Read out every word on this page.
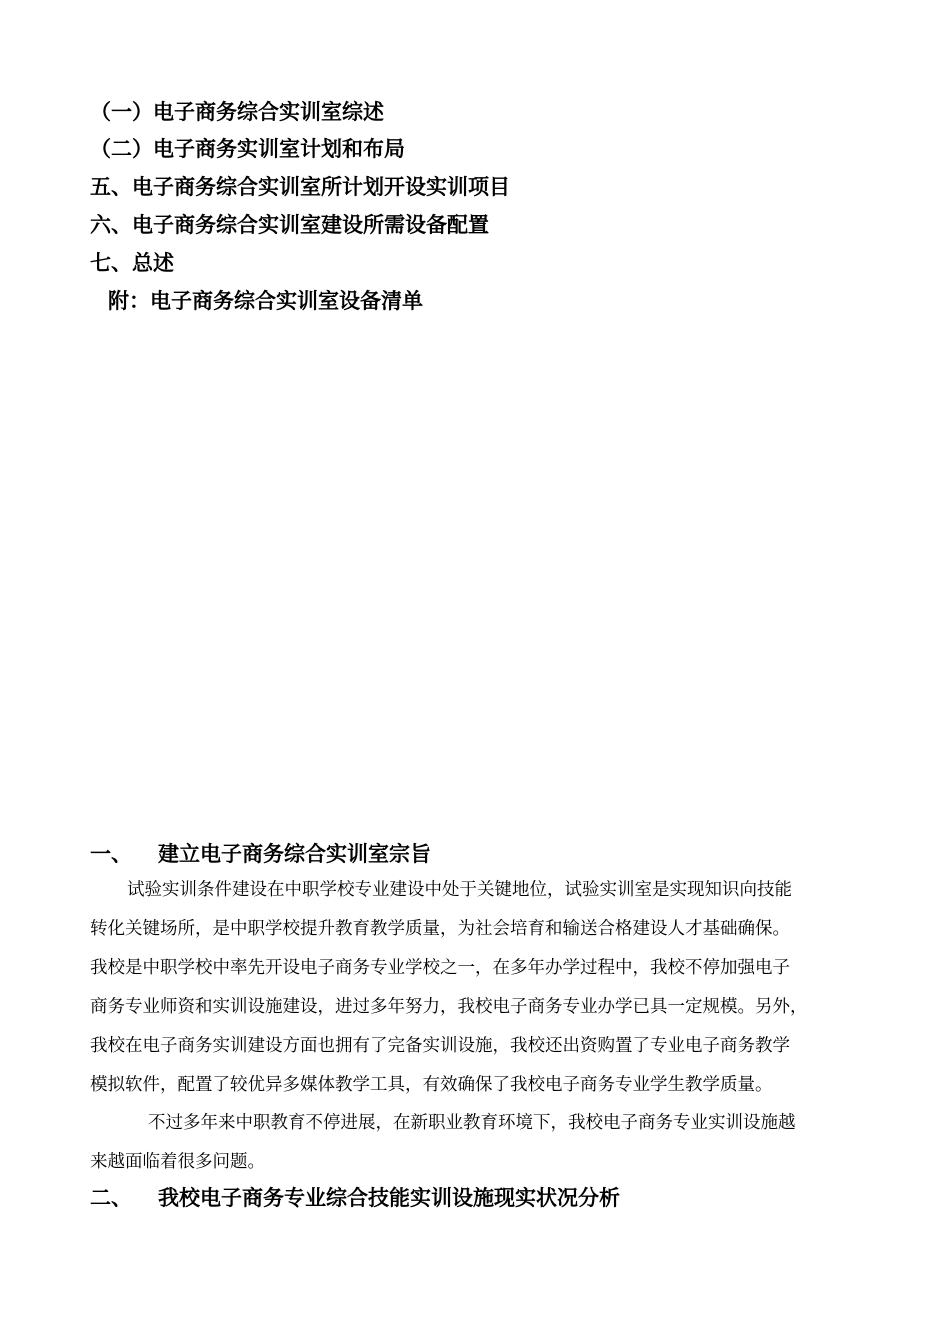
（一）电子商务综合实训室综述

（二）电子商务实训室计划和布局

五、电子商务综合实训室所计划开设实训项目

六、电子商务综合实训室建设所需设备配置

七、总述

附：电子商务综合实训室设备清单

一、 建立电子商务综合实训室宗旨

试验实训条件建设在中职学校专业建设中处于关键地位，试验实训室是实现知识向技能

转化关键场所，是中职学校提升教育教学质量，为社会培育和输送合格建设人才基础确保。

我校是中职学校中率先开设电子商务专业学校之一，在多年办学过程中，我校不停加强电子

商务专业师资和实训设施建设，进过多年努力，我校电子商务专业办学已具一定规模。另外，

我校在电子商务实训建设方面也拥有了完备实训设施，我校还出资购置了专业电子商务教学

模拟软件，配置了较优异多媒体教学工具，有效确保了我校电子商务专业学生教学质量。

不过多年来中职教育不停进展，在新职业教育环境下，我校电子商务专业实训设施越

来越面临着很多问题。

二、 我校电子商务专业综合技能实训设施现实状况分析
